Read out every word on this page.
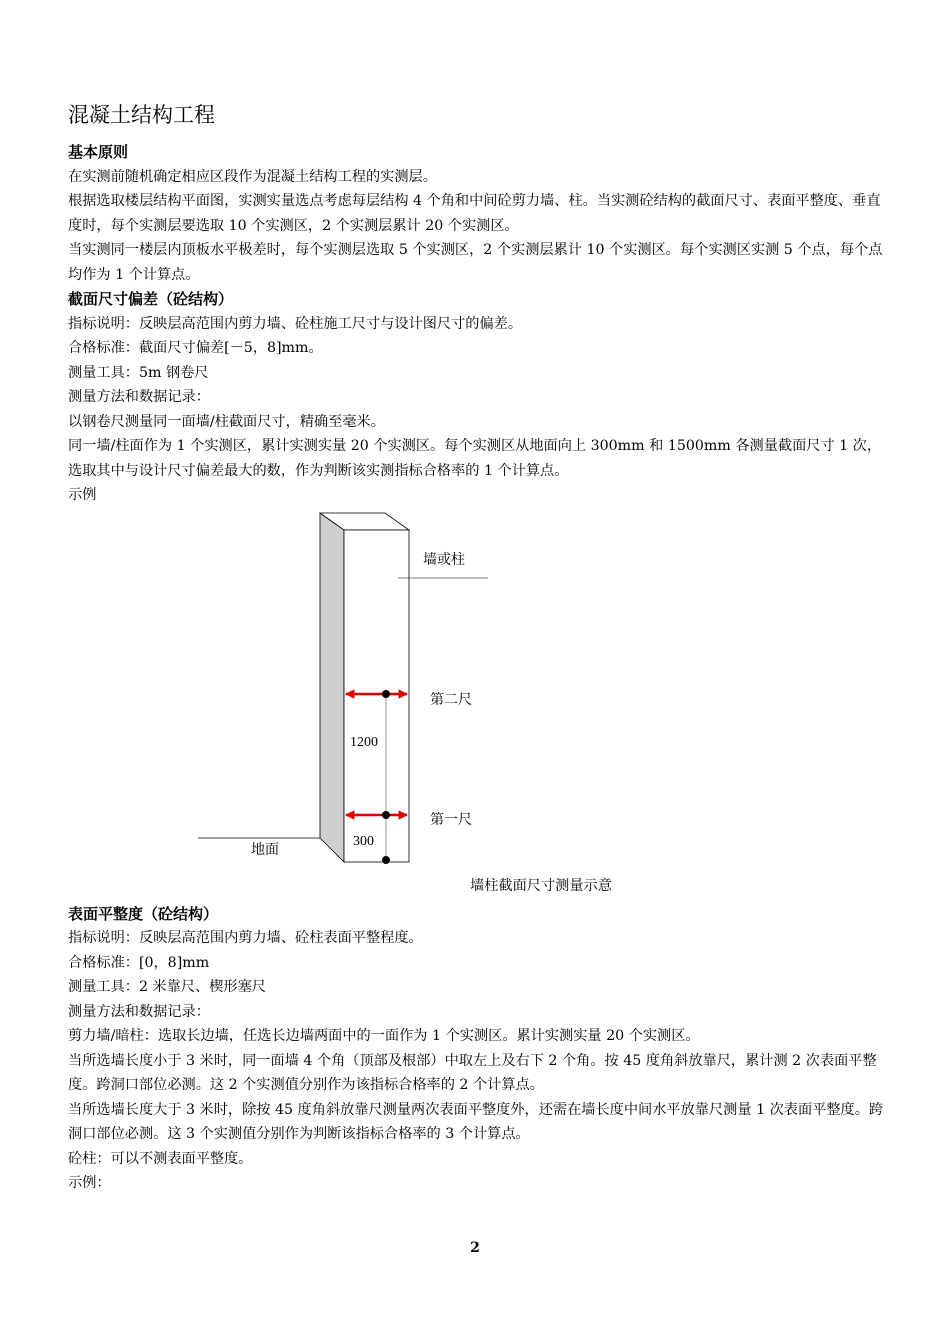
混凝土结构工程
基本原则

在实测前随机确定相应区段作为混凝土结构工程的实测层。

根据选取楼层结构平面图，实测实量选点考虑每层结构 4 个角和中间砼剪力墙、柱。当实测砼结构的截面尺寸、表面平整度、垂直度时，每个实测层要选取 10 个实测区，2 个实测层累计 20 个实测区。

当实测同一楼层内顶板水平极差时，每个实测层选取 5 个实测区，2 个实测层累计 10 个实测区。每个实测区实测 5 个点，每个点均作为 1 个计算点。

截面尺寸偏差（砼结构）

指标说明：反映层高范围内剪力墙、砼柱施工尺寸与设计图尺寸的偏差。

合格标准：截面尺寸偏差[－5，8]mm。

测量工具：5m 钢卷尺

测量方法和数据记录：

以钢卷尺测量同一面墙/柱截面尺寸，精确至毫米。

同一墙/柱面作为 1 个实测区，累计实测实量 20 个实测区。每个实测区从地面向上 300mm 和 1500mm 各测量截面尺寸 1 次，选取其中与设计尺寸偏差最大的数，作为判断该实测指标合格率的 1 个计算点。

示例

墙或柱
第二尺
1200
第一尺
300
地面
墙柱截面尺寸测量示意
表面平整度（砼结构）

指标说明：反映层高范围内剪力墙、砼柱表面平整程度。

合格标准：[0，8]mm

测量工具：2 米靠尺、楔形塞尺

测量方法和数据记录：

剪力墙/暗柱：选取长边墙，任选长边墙两面中的一面作为 1 个实测区。累计实测实量 20 个实测区。

当所选墙长度小于 3 米时，同一面墙 4 个角（顶部及根部）中取左上及右下 2 个角。按 45 度角斜放靠尺，累计测 2 次表面平整度。跨洞口部位必测。这 2 个实测值分别作为该指标合格率的 2 个计算点。

当所选墙长度大于 3 米时，除按 45 度角斜放靠尺测量两次表面平整度外，还需在墙长度中间水平放靠尺测量 1 次表面平整度。跨洞口部位必测。这 3 个实测值分别作为判断该指标合格率的 3 个计算点。

砼柱：可以不测表面平整度。

示例：

2
